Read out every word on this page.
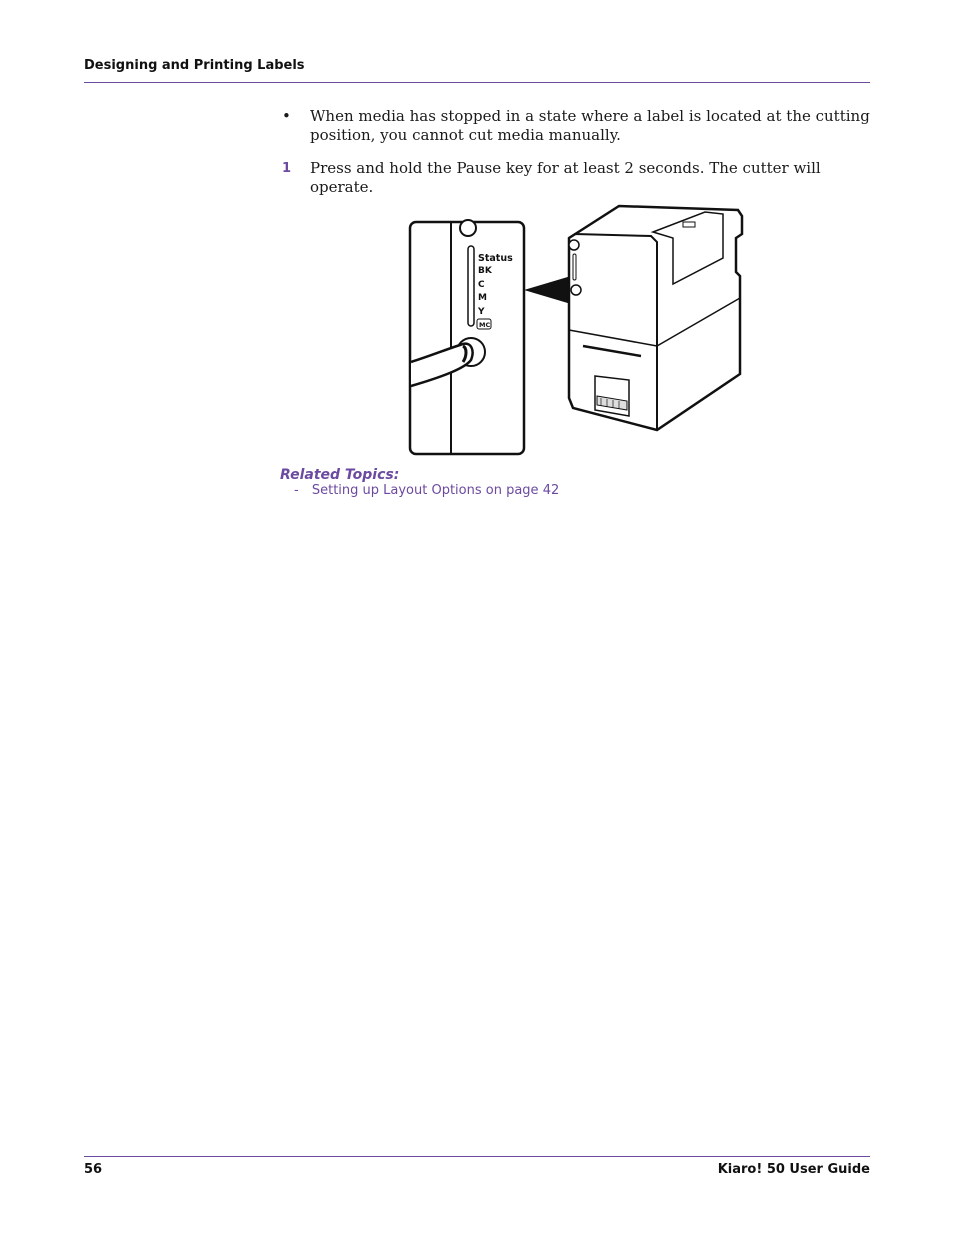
Designing and Printing Labels
•	When media has stopped in a state where a label is located at the cutting position, you cannot cut media manually.
1	Press and hold the Pause key for at least 2 seconds. The cutter will operate.
Status
BK
C
M
Y
MC
Related Topics:
- Setting up Layout Options on page 42
56	Kiaro! 50 User Guide
